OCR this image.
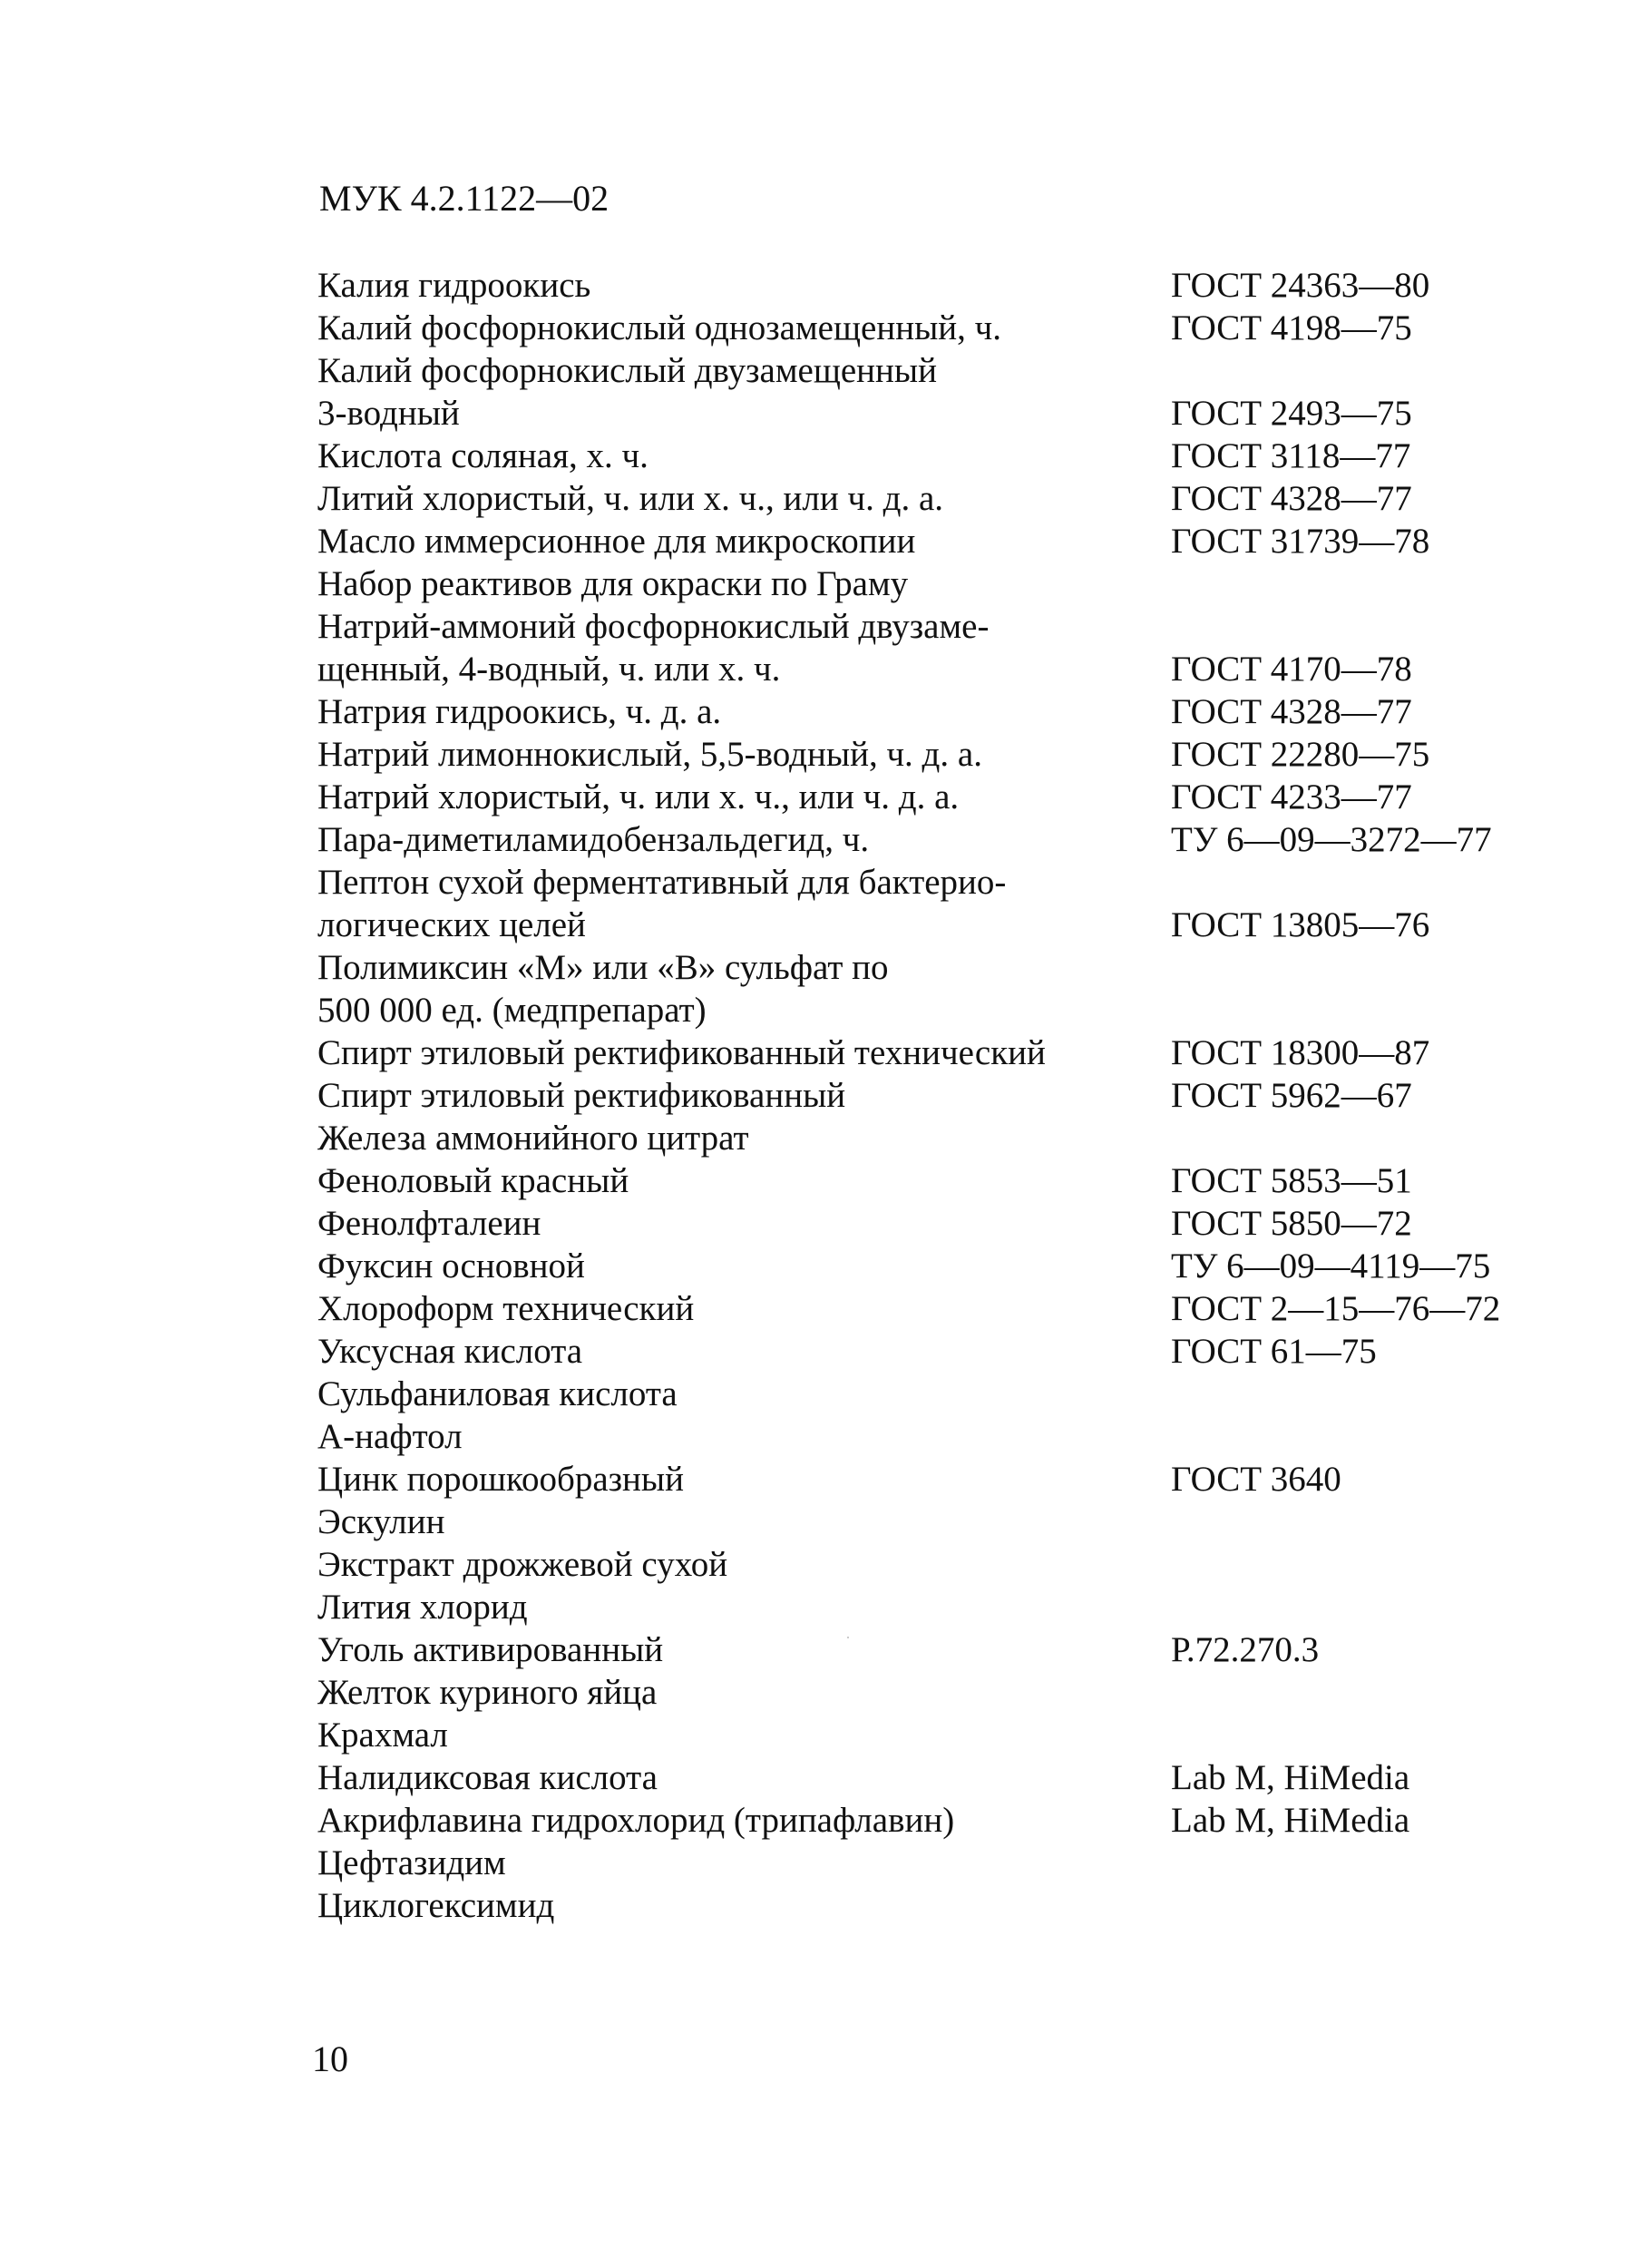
МУК 4.2.1122—02
Калия гидроокись	ГОСТ 24363—80
Калий фосфорнокислый однозамещенный, ч.	ГОСТ 4198—75
Калий фосфорнокислый двузамещенный
3-водный	ГОСТ 2493—75
Кислота соляная, х. ч.	ГОСТ 3118—77
Литий хлористый, ч. или х. ч., или ч. д. а.	ГОСТ 4328—77
Масло иммерсионное для микроскопии	ГОСТ 31739—78
Набор реактивов для окраски по Граму
Натрий-аммоний фосфорнокислый двузаме-
щенный, 4-водный, ч. или х. ч.	ГОСТ 4170—78
Натрия гидроокись, ч. д. а.	ГОСТ 4328—77
Натрий лимоннокислый, 5,5-водный, ч. д. а.	ГОСТ 22280—75
Натрий хлористый, ч. или х. ч., или ч. д. а.	ГОСТ 4233—77
Пара-диметиламидобензальдегид, ч.	ТУ 6—09—3272—77
Пептон сухой ферментативный для бактерио-
логических целей	ГОСТ 13805—76
Полимиксин «М» или «В» сульфат по
500 000 ед. (медпрепарат)
Спирт этиловый ректификованный технический	ГОСТ 18300—87
Спирт этиловый ректификованный	ГОСТ 5962—67
Железа аммонийного цитрат
Феноловый красный	ГОСТ 5853—51
Фенолфталеин	ГОСТ 5850—72
Фуксин основной	ТУ 6—09—4119—75
Хлороформ технический	ГОСТ 2—15—76—72
Уксусная кислота	ГОСТ 61—75
Сульфаниловая кислота
А-нафтол
Цинк порошкообразный	ГОСТ 3640
Эскулин
Экстракт дрожжевой сухой
Лития хлорид
Уголь активированный	Р.72.270.3
Желток куриного яйца
Крахмал
Налидиксовая кислота	Lab M, HiMedia
Акрифлавина гидрохлорид (трипафлавин)	Lab M, HiMedia
Цефтазидим
Циклогексимид
10
